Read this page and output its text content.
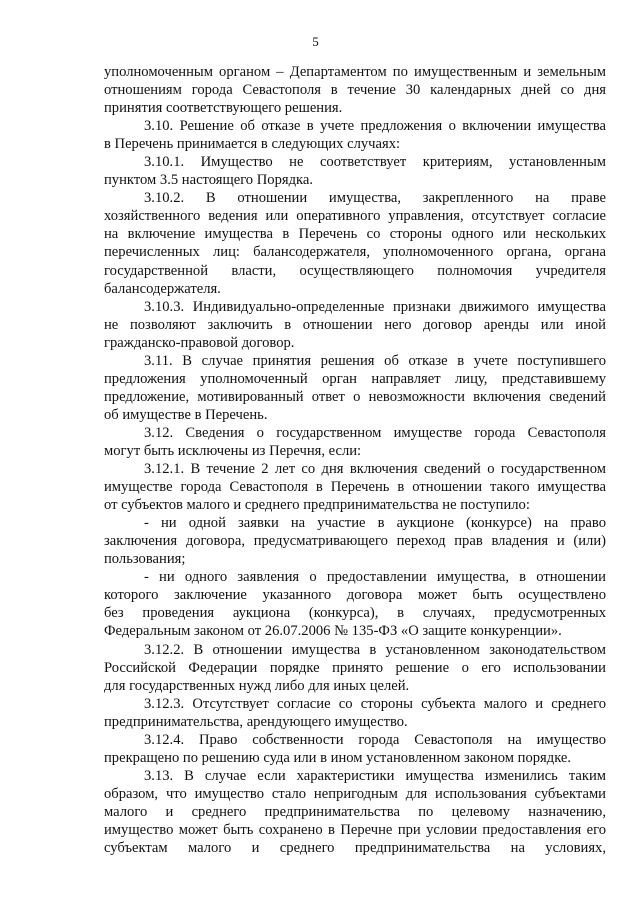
5

уполномоченным органом – Департаментом по имущественным и земельным

отношениям города Севастополя в течение 30 календарных дней со дня

принятия соответствующего решения.

3.10. Решение об отказе в учете предложения о включении имущества

в Перечень принимается в следующих случаях:

3.10.1. Имущество не соответствует критериям, установленным

пунктом 3.5 настоящего Порядка.

3.10.2. В отношении имущества, закрепленного на праве

хозяйственного ведения или оперативного управления, отсутствует согласие

на включение имущества в Перечень со стороны одного или нескольких

перечисленных лиц: балансодержателя, уполномоченного органа, органа

государственной власти, осуществляющего полномочия учредителя

балансодержателя.

3.10.3. Индивидуально-определенные признаки движимого имущества

не позволяют заключить в отношении него договор аренды или иной

гражданско-правовой договор.

3.11. В случае принятия решения об отказе в учете поступившего

предложения уполномоченный орган направляет лицу, представившему

предложение, мотивированный ответ о невозможности включения сведений

об имуществе в Перечень.

3.12. Сведения о государственном имуществе города Севастополя

могут быть исключены из Перечня, если:

3.12.1. В течение 2 лет со дня включения сведений о государственном

имуществе города Севастополя в Перечень в отношении такого имущества

от субъектов малого и среднего предпринимательства не поступило:

- ни одной заявки на участие в аукционе (конкурсе) на право

заключения договора, предусматривающего переход прав владения и (или)

пользования;

- ни одного заявления о предоставлении имущества, в отношении

которого заключение указанного договора может быть осуществлено

без проведения аукциона (конкурса), в случаях, предусмотренных

Федеральным законом от 26.07.2006 № 135-ФЗ «О защите конкуренции».

3.12.2. В отношении имущества в установленном законодательством

Российской Федерации порядке принято решение о его использовании

для государственных нужд либо для иных целей.

3.12.3. Отсутствует согласие со стороны субъекта малого и среднего

предпринимательства, арендующего имущество.

3.12.4. Право собственности города Севастополя на имущество

прекращено по решению суда или в ином установленном законом порядке.

3.13. В случае если характеристики имущества изменились таким

образом, что имущество стало непригодным для использования субъектами

малого и среднего предпринимательства по целевому назначению,

имущество может быть сохранено в Перечне при условии предоставления его

субъектам малого и среднего предпринимательства на условиях,
